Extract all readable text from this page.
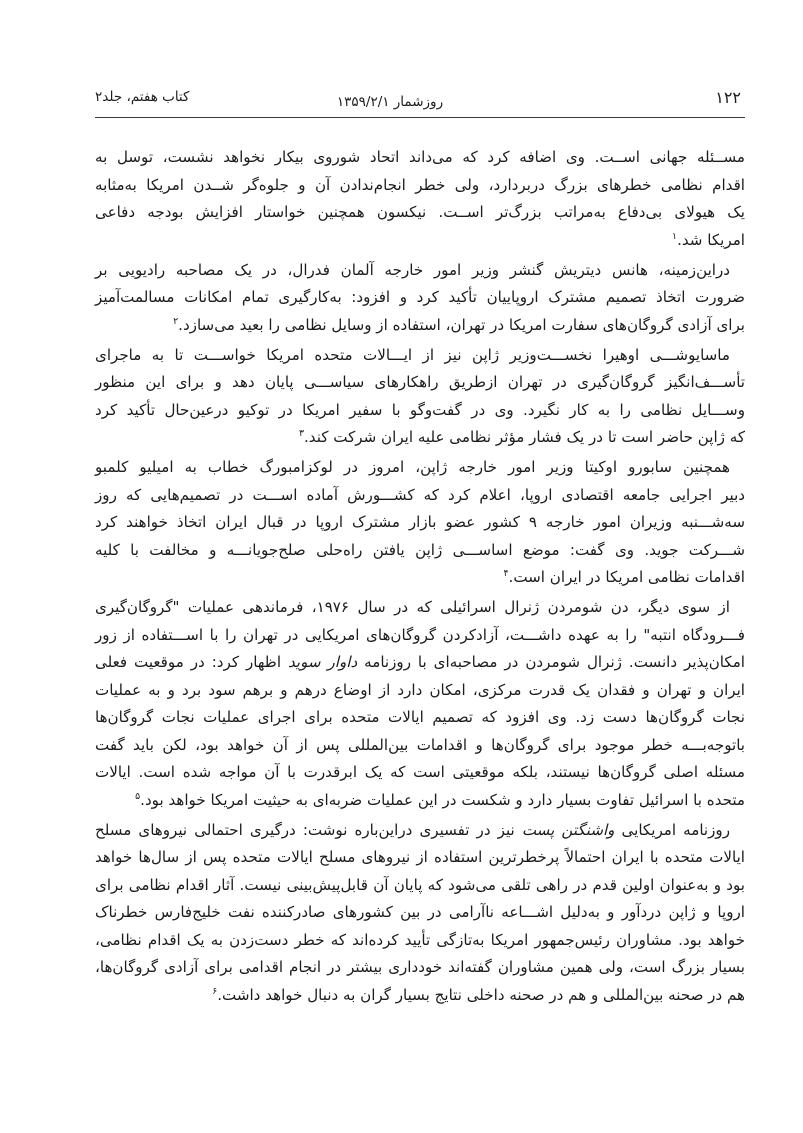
۱۲۲
روزشمار ۱۳۵۹/۲/۱
کتاب هفتم، جلد۲
مســئله جهانی اســت. وی اضافه کرد که می‌داند اتحاد شوروی بیکار نخواهد نشست، توسل به
اقدام نظامی خطرهای بزرگ دربردارد، ولی خطر انجام‌ندادن آن و جلوه‌گر شــدن امریکا به‌مثابه
یک هیولای بی‌دفاع به‌مراتب بزرگ‌تر اســت. نیکسون همچنین خواستار افزایش بودجه دفاعی
امریکا شد.$^۱$
دراین‌زمینه، هانس دیتریش گنشر وزیر امور خارجه آلمان فدرال، در یک مصاحبه رادیویی بر
ضرورت اتخاذ تصمیم مشترک اروپاییان تأکید کرد و افزود: به‌کارگیری تمام امکانات مسالمت‌آمیز
برای آزادی گروگان‌های سفارت امریکا در تهران، استفاده از وسایل نظامی را بعید می‌سازد.$^۲$
ماسایوشـــی اوهیرا نخســـت‌وزیر ژاپن نیز از ایـــالات متحده امریکا خواســـت تا به ماجرای
تأســـف‌انگیز گروگان‌گیری در تهران ازطریق راهکارهای سیاســـی پایان دهد و برای این منظور
وســـایل نظامی را به کار نگیرد. وی در گفت‌وگو با سفیر امریکا در توکیو درعین‌حال تأکید کرد
که ژاپن حاضر است تا در یک فشار مؤثر نظامی علیه ایران شرکت کند.$^۳$
همچنین سابورو اوکیتا وزیر امور خارجه ژاپن، امروز در لوکزامبورگ خطاب به امیلیو کلمبو
دبیر اجرایی جامعه اقتصادی اروپا، اعلام کرد که کشـــورش آماده اســـت در تصمیم‌هایی که روز
سه‌شـــنبه وزیران امور خارجه ۹ کشور عضو بازار مشترک اروپا در قبال ایران اتخاذ خواهند کرد
شـــرکت جوید. وی گفت: موضع اساســـی ژاپن یافتن راه‌حلی صلح‌جویانـــه و مخالفت با کلیه
اقدامات نظامی امریکا در ایران است.$^۴$
از سوی دیگر، دن شومردن ژنرال اسرائیلی که در سال ۱۹۷۶، فرماندهی عملیات "گروگان‌گیری
فـــرودگاه انتبه" را به عهده داشـــت، آزادکردن گروگان‌های امریکایی در تهران را با اســـتفاده از زور
امکان‌پذیر دانست. ژنرال شومردن در مصاحبه‌ای با روزنامه داوار سوید اظهار کرد: در موقعیت فعلی
ایران و تهران و فقدان یک قدرت مرکزی، امکان دارد از اوضاع درهم و برهم سود برد و به عملیات
نجات گروگان‌ها دست زد. وی افزود که تصمیم ایالات متحده برای اجرای عملیات نجات گروگان‌ها
باتوجه‌بـــه خطر موجود برای گروگان‌ها و اقدامات بین‌المللی پس از آن خواهد بود، لکن باید گفت
مسئله اصلی گروگان‌ها نیستند، بلکه موقعیتی است که یک ابرقدرت با آن مواجه شده است. ایالات
متحده با اسرائیل تفاوت بسیار دارد و شکست در این عملیات ضربه‌ای به حیثیت امریکا خواهد بود.$^۵$
روزنامه امریکایی واشنگتن پست نیز در تفسیری دراین‌باره نوشت: درگیری احتمالی نیروهای مسلح
ایالات متحده با ایران احتمالاً پرخطرترین استفاده از نیروهای مسلح ایالات متحده پس از سال‌ها خواهد
بود و به‌عنوان اولین قدم در راهی تلقی می‌شود که پایان آن قابل‌پیش‌بینی نیست. آثار اقدام نظامی برای
اروپا و ژاپن دردآور و به‌دلیل اشـــاعه ناآرامی در بین کشورهای صادرکننده نفت خلیج‌فارس خطرناک
خواهد بود. مشاوران رئیس‌جمهور امریکا به‌تازگی تأیید کرده‌اند که خطر دست‌زدن به یک اقدام نظامی،
بسیار بزرگ است، ولی همین مشاوران گفته‌اند خودداری بیشتر در انجام اقدامی برای آزادی گروگان‌ها،
هم در صحنه بین‌المللی و هم در صحنه داخلی نتایج بسیار گران به دنبال خواهد داشت.$^۶$
